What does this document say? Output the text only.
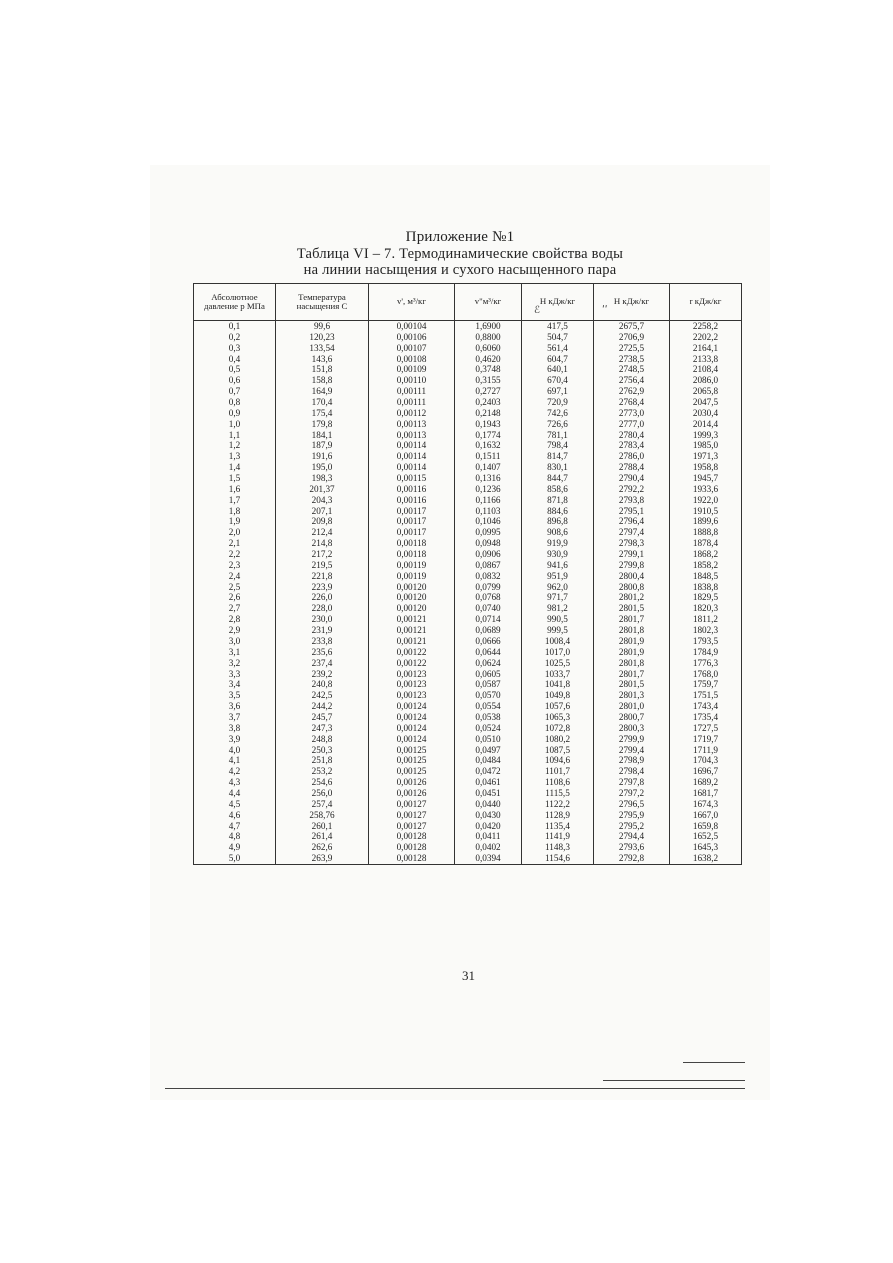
Приложение №1
Таблица VI – 7. Термодинамические свойства воды
на линии насыщения и сухого насыщенного пара
Абсолютное давление р МПа	Температура насыщения С	v', м³/кг	v"м³/кг	H кДж/кг	H кДж/кг	r кДж/кг
0,1	99,6	0,00104	1,6900	417,5	2675,7	2258,2
0,2	120,23	0,00106	0,8800	504,7	2706,9	2202,2
0,3	133,54	0,00107	0,6060	561,4	2725,5	2164,1
0,4	143,6	0,00108	0,4620	604,7	2738,5	2133,8
0,5	151,8	0,00109	0,3748	640,1	2748,5	2108,4
0,6	158,8	0,00110	0,3155	670,4	2756,4	2086,0
0,7	164,9	0,00111	0,2727	697,1	2762,9	2065,8
0,8	170,4	0,00111	0,2403	720,9	2768,4	2047,5
0,9	175,4	0,00112	0,2148	742,6	2773,0	2030,4
1,0	179,8	0,00113	0,1943	726,6	2777,0	2014,4
1,1	184,1	0,00113	0,1774	781,1	2780,4	1999,3
1,2	187,9	0,00114	0,1632	798,4	2783,4	1985,0
1,3	191,6	0,00114	0,1511	814,7	2786,0	1971,3
1,4	195,0	0,00114	0,1407	830,1	2788,4	1958,8
1,5	198,3	0,00115	0,1316	844,7	2790,4	1945,7
1,6	201,37	0,00116	0,1236	858,6	2792,2	1933,6
1,7	204,3	0,00116	0,1166	871,8	2793,8	1922,0
1,8	207,1	0,00117	0,1103	884,6	2795,1	1910,5
1,9	209,8	0,00117	0,1046	896,8	2796,4	1899,6
2,0	212,4	0,00117	0,0995	908,6	2797,4	1888,8
2,1	214,8	0,00118	0,0948	919,9	2798,3	1878,4
2,2	217,2	0,00118	0,0906	930,9	2799,1	1868,2
2,3	219,5	0,00119	0,0867	941,6	2799,8	1858,2
2,4	221,8	0,00119	0,0832	951,9	2800,4	1848,5
2,5	223,9	0,00120	0,0799	962,0	2800,8	1838,8
2,6	226,0	0,00120	0,0768	971,7	2801,2	1829,5
2,7	228,0	0,00120	0,0740	981,2	2801,5	1820,3
2,8	230,0	0,00121	0,0714	990,5	2801,7	1811,2
2,9	231,9	0,00121	0,0689	999,5	2801,8	1802,3
3,0	233,8	0,00121	0,0666	1008,4	2801,9	1793,5
3,1	235,6	0,00122	0,0644	1017,0	2801,9	1784,9
3,2	237,4	0,00122	0,0624	1025,5	2801,8	1776,3
3,3	239,2	0,00123	0,0605	1033,7	2801,7	1768,0
3,4	240,8	0,00123	0,0587	1041,8	2801,5	1759,7
3,5	242,5	0,00123	0,0570	1049,8	2801,3	1751,5
3,6	244,2	0,00124	0,0554	1057,6	2801,0	1743,4
3,7	245,7	0,00124	0,0538	1065,3	2800,7	1735,4
3,8	247,3	0,00124	0,0524	1072,8	2800,3	1727,5
3,9	248,8	0,00124	0,0510	1080,2	2799,9	1719,7
4,0	250,3	0,00125	0,0497	1087,5	2799,4	1711,9
4,1	251,8	0,00125	0,0484	1094,6	2798,9	1704,3
4,2	253,2	0,00125	0,0472	1101,7	2798,4	1696,7
4,3	254,6	0,00126	0,0461	1108,6	2797,8	1689,2
4,4	256,0	0,00126	0,0451	1115,5	2797,2	1681,7
4,5	257,4	0,00127	0,0440	1122,2	2796,5	1674,3
4,6	258,76	0,00127	0,0430	1128,9	2795,9	1667,0
4,7	260,1	0,00127	0,0420	1135,4	2795,2	1659,8
4,8	261,4	0,00128	0,0411	1141,9	2794,4	1652,5
4,9	262,6	0,00128	0,0402	1148,3	2793,6	1645,3
5,0	263,9	0,00128	0,0394	1154,6	2792,8	1638,2
31
ℰ	ʹʹ
